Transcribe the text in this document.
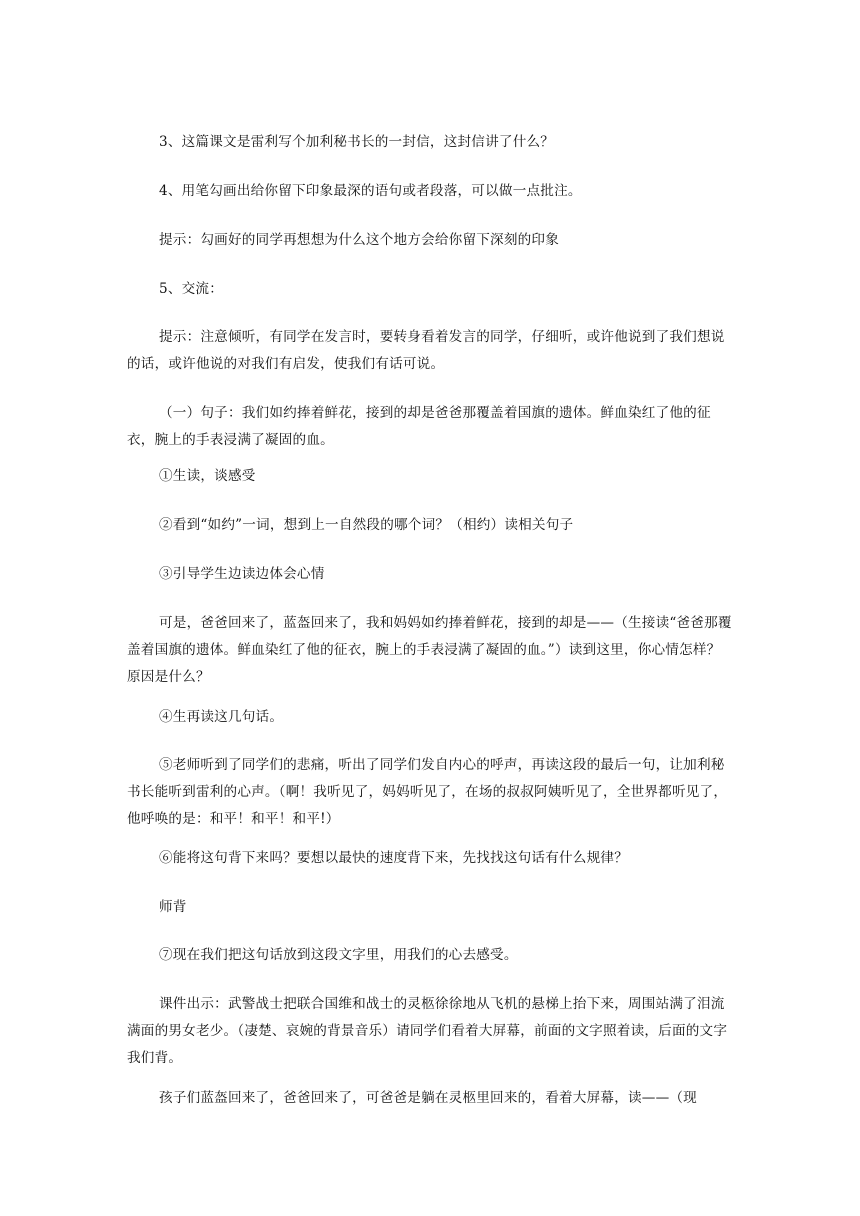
3、这篇课文是雷利写个加利秘书长的一封信，这封信讲了什么？

4、用笔勾画出给你留下印象最深的语句或者段落，可以做一点批注。

提示：勾画好的同学再想想为什么这个地方会给你留下深刻的印象

5、交流：

提示：注意倾听，有同学在发言时，要转身看着发言的同学，仔细听，或许他说到了我们想说的话，或许他说的对我们有启发，使我们有话可说。

（一）句子：我们如约捧着鲜花，接到的却是爸爸那覆盖着国旗的遗体。鲜血染红了他的征衣，腕上的手表浸满了凝固的血。

①生读，谈感受

②看到“如约”一词，想到上一自然段的哪个词？（相约）读相关句子

③引导学生边读边体会心情

可是，爸爸回来了，蓝盔回来了，我和妈妈如约捧着鲜花，接到的却是——（生接读“爸爸那覆盖着国旗的遗体。鲜血染红了他的征衣，腕上的手表浸满了凝固的血。”）读到这里，你心情怎样？原因是什么？

④生再读这几句话。

⑤老师听到了同学们的悲痛，听出了同学们发自内心的呼声，再读这段的最后一句，让加利秘书长能听到雷利的心声。（啊！我听见了，妈妈听见了，在场的叔叔阿姨听见了，全世界都听见了，他呼唤的是：和平！和平！和平!）

⑥能将这句背下来吗？要想以最快的速度背下来，先找找这句话有什么规律？

师背

⑦现在我们把这句话放到这段文字里，用我们的心去感受。

课件出示：武警战士把联合国维和战士的灵柩徐徐地从飞机的悬梯上抬下来，周围站满了泪流满面的男女老少。（凄楚、哀婉的背景音乐）请同学们看着大屏幕，前面的文字照着读，后面的文字我们背。

孩子们蓝盔回来了，爸爸回来了，可爸爸是躺在灵柩里回来的，看着大屏幕，读——（现
